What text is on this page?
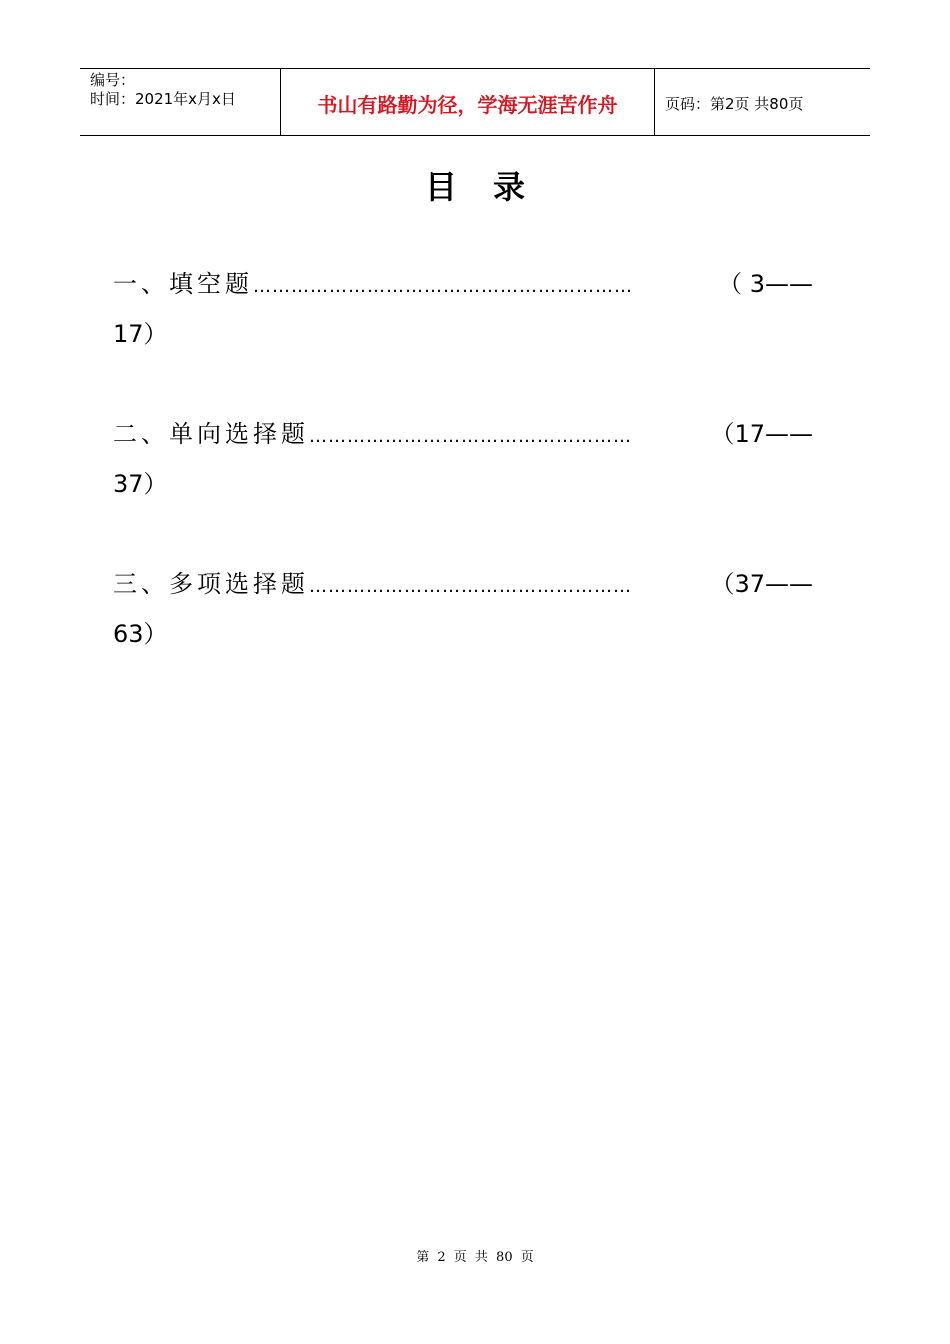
编号：
时间：2021年x月x日	书山有路勤为径，学海无涯苦作舟	页码：第2页 共80页
目录
一、填空题 ……………………………………………………	（ 3——
17）
二、单向选择题 ……………………………………………	（17——
37）
三、多项选择题 ……………………………………………	（37——
63）
第 2 页 共 80 页
